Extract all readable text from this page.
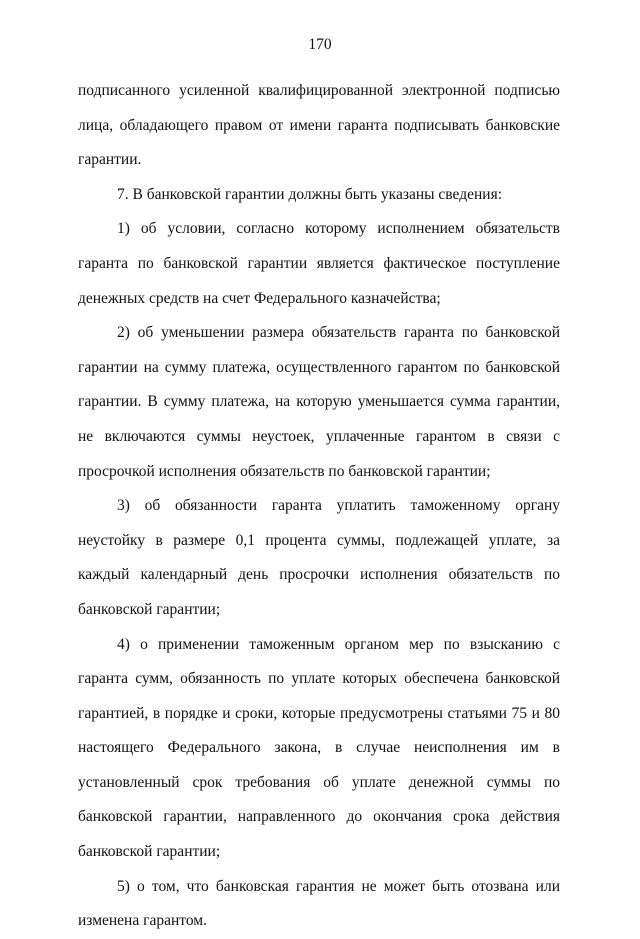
170

подписанного усиленной квалифицированной электронной подписью лица, обладающего правом от имени гаранта подписывать банковские гарантии.

7. В банковской гарантии должны быть указаны сведения:

1) об условии, согласно которому исполнением обязательств гаранта по банковской гарантии является фактическое поступление денежных средств на счет Федерального казначейства;

2) об уменьшении размера обязательств гаранта по банковской гарантии на сумму платежа, осуществленного гарантом по банковской гарантии. В сумму платежа, на которую уменьшается сумма гарантии, не включаются суммы неустоек, уплаченные гарантом в связи с просрочкой исполнения обязательств по банковской гарантии;

3) об обязанности гаранта уплатить таможенному органу неустойку в размере 0,1 процента суммы, подлежащей уплате, за каждый календарный день просрочки исполнения обязательств по банковской гарантии;

4) о применении таможенным органом мер по взысканию с гаранта сумм, обязанность по уплате которых обеспечена банковской гарантией, в порядке и сроки, которые предусмотрены статьями 75 и 80 настоящего Федерального закона, в случае неисполнения им в установленный срок требования об уплате денежной суммы по банковской гарантии, направленного до окончания срока действия банковской гарантии;

5) о том, что банковская гарантия не может быть отозвана или изменена гарантом.
